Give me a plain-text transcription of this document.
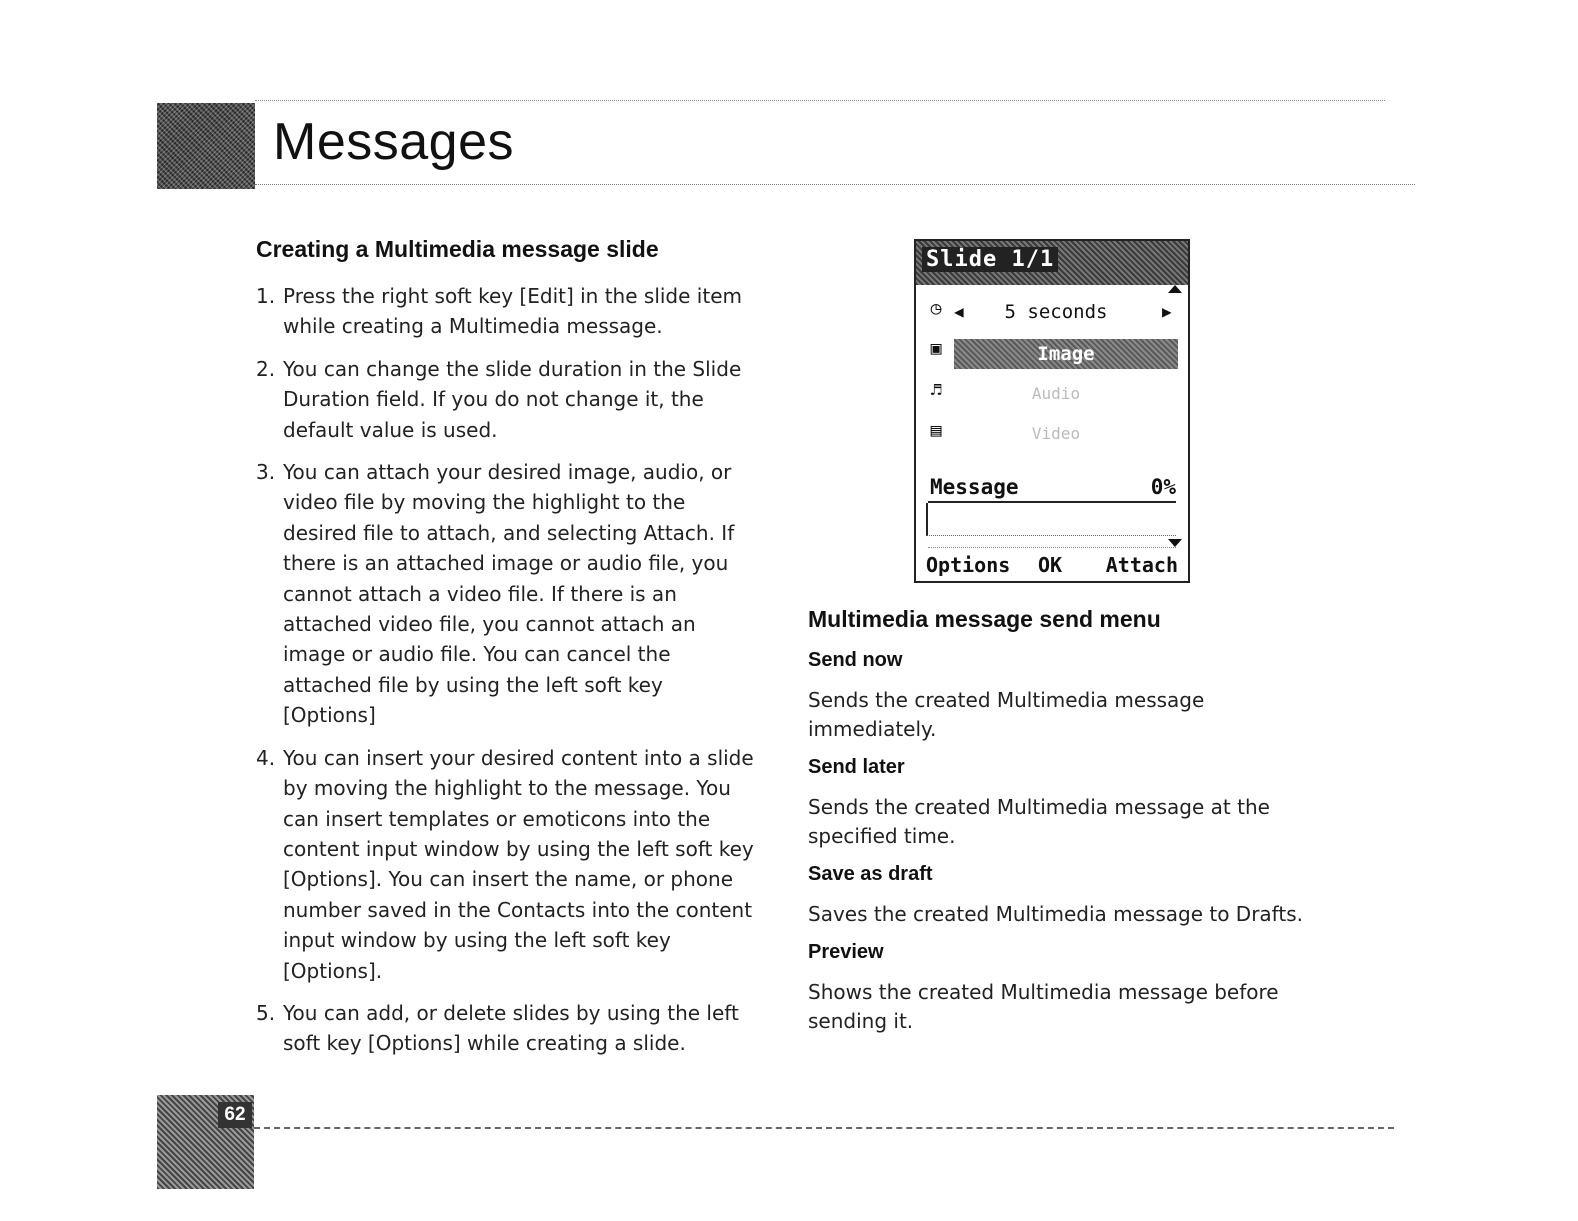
Messages
Creating a Multimedia message slide
1. Press the right soft key [Edit] in the slide item while creating a Multimedia message.
2. You can change the slide duration in the Slide Duration field. If you do not change it, the default value is used.
3. You can attach your desired image, audio, or video file by moving the highlight to the desired file to attach, and selecting Attach. If there is an attached image or audio file, you cannot attach a video file. If there is an attached video file, you cannot attach an image or audio file. You can cancel the attached file by using the left soft key [Options]
4. You can insert your desired content into a slide by moving the highlight to the message. You can insert templates or emoticons into the content input window by using the left soft key [Options]. You can insert the name, or phone number saved in the Contacts into the content input window by using the left soft key [Options].
5. You can add, or delete slides by using the left soft key [Options] while creating a slide.
Slide 1/1
◷ ◀	5 seconds	▶
▣	Image
♬	Audio
▤	Video
Message	0%
Options OK Attach
Multimedia message send menu
Send now

Sends the created Multimedia message immediately.

Send later

Sends the created Multimedia message at the specified time.

Save as draft

Saves the created Multimedia message to Drafts.

Preview

Shows the created Multimedia message before sending it.

62
